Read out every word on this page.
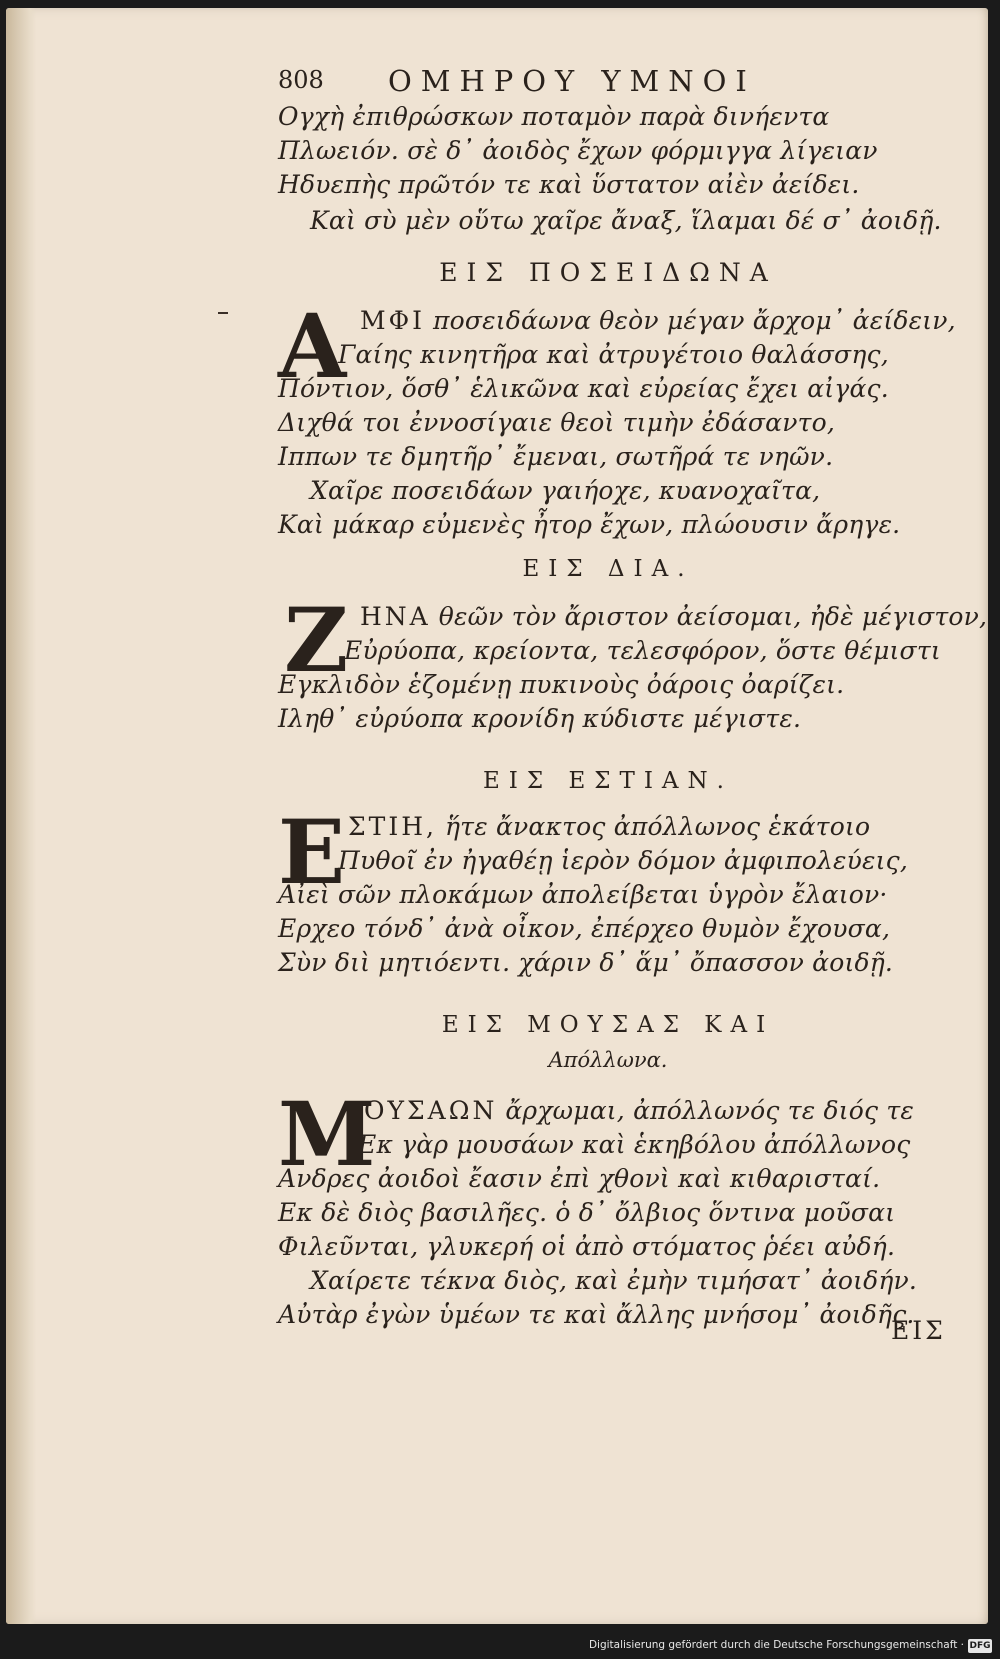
808 ΟΜΗΡΟΥ ΥΜΝΟΙ
Ογχὴ ἐπιθρώσκων ποταμὸν παρὰ δινήεντα
Πλωειόν. σὲ δ᾽ ἀοιδὸς ἔχων φόρμιγγα λίγειαν
Ηδυεπὴς πρῶτόν τε καὶ ὕστατον αἰὲν ἀείδει.
Καὶ σὺ μὲν οὕτω χαῖρε ἄναξ, ἵλαμαι δέ σ᾽ ἀοιδῇ.
ΕΙΣ ΠΟΣΕΙΔΩΝΑ
Α ΜΦΙ ποσειδάωνα θεὸν μέγαν ἄρχομ᾽ ἀείδειν,
Γαίης κινητῆρα καὶ ἀτρυγέτοιο θαλάσσης,
Πόντιον, ὅσθ᾽ ἑλικῶνα καὶ εὐρείας ἔχει αἰγάς.
Διχθά τοι ἐννοσίγαιε θεοὶ τιμὴν ἐδάσαντο,
Ιππων τε δμητῆρ᾽ ἔμεναι, σωτῆρά τε νηῶν.
Χαῖρε ποσειδάων γαιήοχε, κυανοχαῖτα,
Καὶ μάκαρ εὐμενὲς ἦτορ ἔχων, πλώουσιν ἄρηγε.
ΕΙΣ ΔΙΑ.
Ζ ΗΝΑ θεῶν τὸν ἄριστον ἀείσομαι, ἠδὲ μέγιστον,
Εὐρύοπα, κρείοντα, τελεσφόρον, ὅστε θέμιστι
Εγκλιδὸν ἑζομένῃ πυκινοὺς ὀάροις ὀαρίζει.
Ιληθ᾽ εὐρύοπα κρονίδη κύδιστε μέγιστε.
ΕΙΣ ΕΣΤΙΑΝ.
Ε ΣΤΙΗ, ἥτε ἄνακτος ἀπόλλωνος ἑκάτοιο
Πυθοῖ ἐν ἠγαθέῃ ἱερὸν δόμον ἀμφιπολεύεις,
Αἰεὶ σῶν πλοκάμων ἀπολείβεται ὑγρὸν ἔλαιον·
Ερχεο τόνδ᾽ ἀνὰ οἶκον, ἐπέρχεο θυμὸν ἔχουσα,
Σὺν διὶ μητιόεντι. χάριν δ᾽ ἅμ᾽ ὄπασσον ἀοιδῇ.
ΕΙΣ ΜΟΥΣΑΣ ΚΑΙ
Απόλλωνα.
Μ
ΟΥΣΑΩΝ ἄρχωμαι, ἀπόλλωνός τε διός τε
Εκ γὰρ μουσάων καὶ ἑκηβόλου ἀπόλλωνος
Ανδρες ἀοιδοὶ ἔασιν ἐπὶ χθονὶ καὶ κιθαρισταί.
Εκ δὲ διὸς βασιλῆες. ὁ δ᾽ ὄλβιος ὅντινα μοῦσαι
Φιλεῦνται, γλυκερή οἱ ἀπὸ στόματος ῥέει αὐδή.
Χαίρετε τέκνα διὸς, καὶ ἐμὴν τιμήσατ᾽ ἀοιδήν.
Αὐτὰρ ἐγὼν ὑμέων τε καὶ ἄλλης μνήσομ᾽ ἀοιδῆς.
ΕΙΣ
Digitalisierung gefördert durch die Deutsche Forschungsgemeinschaft · DFG
